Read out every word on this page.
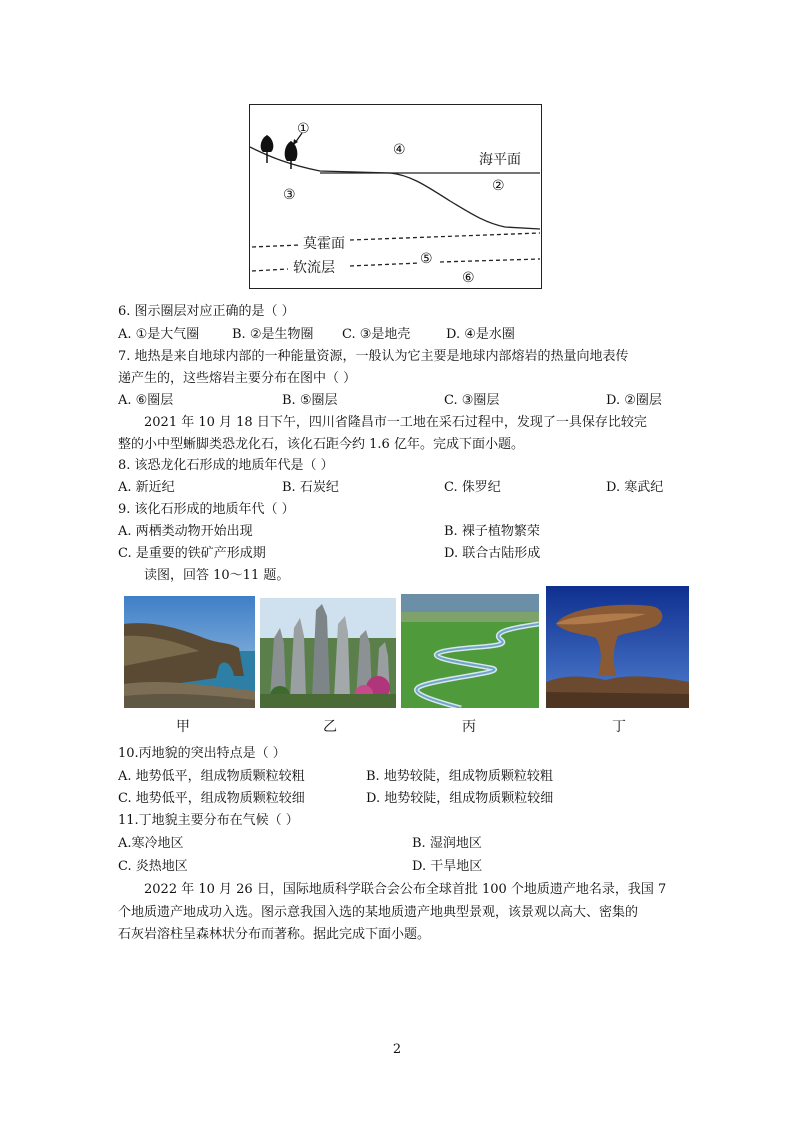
①
④
海平面
③
②
莫霍面
软流层
⑤
⑥
6. 图示圈层对应正确的是（ ）
A. ①是大气圈	B. ②是生物圈 C. ③是地壳	D. ④是水圈
7. 地热是来自地球内部的一种能量资源，一般认为它主要是地球内部熔岩的热量向地表传
递产生的，这些熔岩主要分布在图中（ ）
A. ⑥圈层	B. ⑤圈层	C. ③圈层	D. ②圈层
2021 年 10 月 18 日下午，四川省隆昌市一工地在采石过程中，发现了一具保存比较完
整的小中型蜥脚类恐龙化石，该化石距今约 1.6 亿年。完成下面小题。
8. 该恐龙化石形成的地质年代是（ ）
A. 新近纪	B. 石炭纪	C. 侏罗纪	D. 寒武纪
9. 该化石形成的地质年代（ ）
A. 两栖类动物开始出现	B. 裸子植物繁荣
C. 是重要的铁矿产形成期	D. 联合古陆形成
读图，回答 10～11 题。
甲	乙	丙	丁
10.丙地貌的突出特点是（ ）
A. 地势低平，组成物质颗粒较粗	B. 地势较陡，组成物质颗粒较粗
C. 地势低平，组成物质颗粒较细	D. 地势较陡，组成物质颗粒较细
11.丁地貌主要分布在气候（ ）
A.寒冷地区	B. 湿润地区
C. 炎热地区	D. 干旱地区
2022 年 10 月 26 日，国际地质科学联合会公布全球首批 100 个地质遗产地名录，我国 7
个地质遗产地成功入选。图示意我国入选的某地质遗产地典型景观，该景观以高大、密集的
石灰岩溶柱呈森林状分布而著称。据此完成下面小题。
2
